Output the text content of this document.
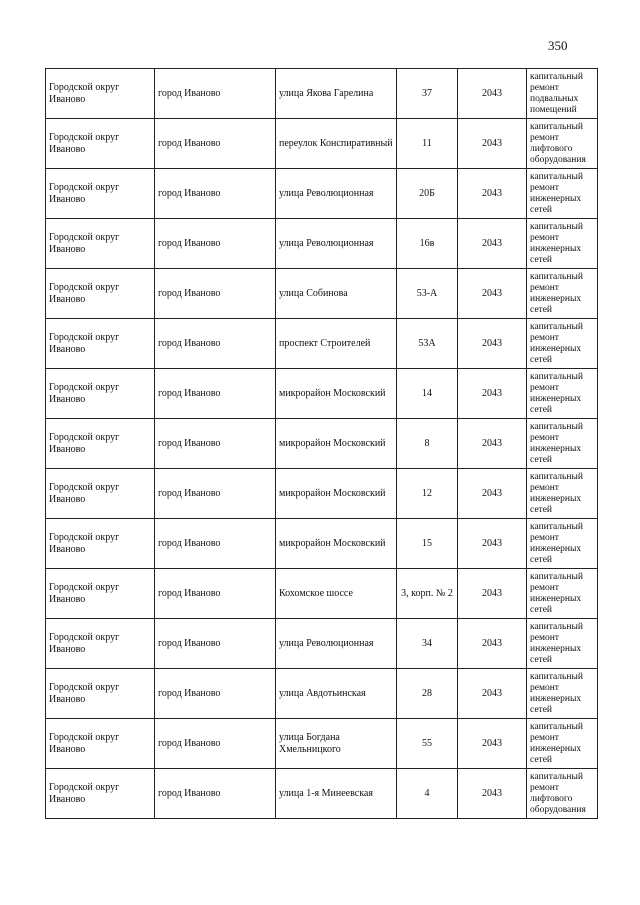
350
Городской округ Иваново	город Иваново	улица Якова Гарелина	37	2043	капитальный ремонт подвальных помещений
Городской округ Иваново	город Иваново	переулок Конспиративный	11	2043	капитальный ремонт лифтового оборудования
Городской округ Иваново	город Иваново	улица Революционная	20Б	2043	капитальный ремонт инженерных сетей
Городской округ Иваново	город Иваново	улица Революционная	16в	2043	капитальный ремонт инженерных сетей
Городской округ Иваново	город Иваново	улица Собинова	53-А	2043	капитальный ремонт инженерных сетей
Городской округ Иваново	город Иваново	проспект Строителей	53А	2043	капитальный ремонт инженерных сетей
Городской округ Иваново	город Иваново	микрорайон Московский	14	2043	капитальный ремонт инженерных сетей
Городской округ Иваново	город Иваново	микрорайон Московский	8	2043	капитальный ремонт инженерных сетей
Городской округ Иваново	город Иваново	микрорайон Московский	12	2043	капитальный ремонт инженерных сетей
Городской округ Иваново	город Иваново	микрорайон Московский	15	2043	капитальный ремонт инженерных сетей
Городской округ Иваново	город Иваново	Кохомское шоссе	3, корп. № 2	2043	капитальный ремонт инженерных сетей
Городской округ Иваново	город Иваново	улица Революционная	34	2043	капитальный ремонт инженерных сетей
Городской округ Иваново	город Иваново	улица Авдотьинская	28	2043	капитальный ремонт инженерных сетей
Городской округ Иваново	город Иваново	улица Богдана Хмельницкого	55	2043	капитальный ремонт инженерных сетей
Городской округ Иваново	город Иваново	улица 1-я Минеевская	4	2043	капитальный ремонт лифтового оборудования
